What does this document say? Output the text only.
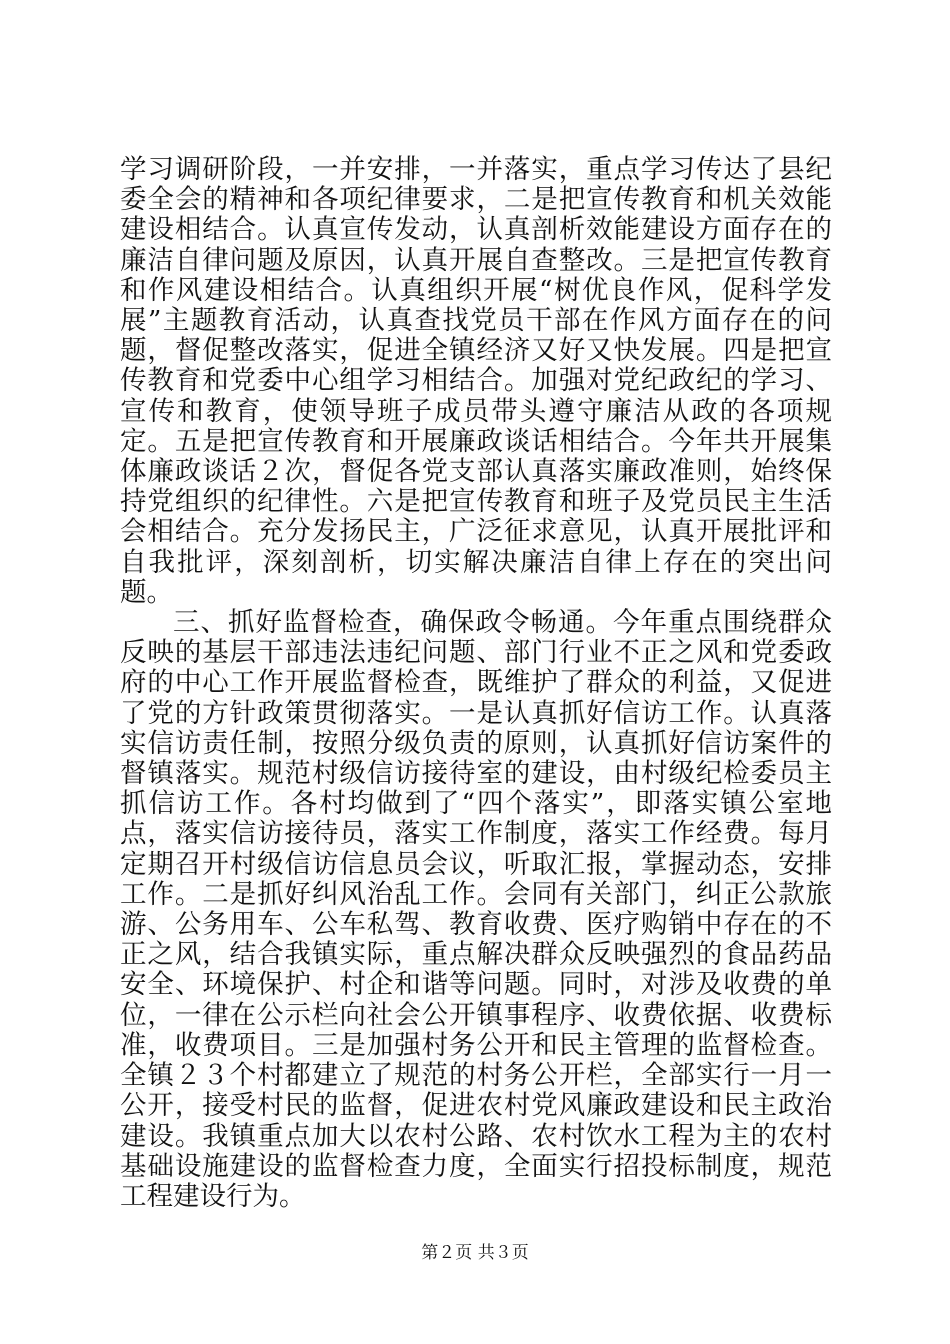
学习调研阶段，一并安排，一并落实，重点学习传达了县纪委全会的精神和各项纪律要求，二是把宣传教育和机关效能建设相结合。认真宣传发动，认真剖析效能建设方面存在的廉洁自律问题及原因，认真开展自查整改。三是把宣传教育和作风建设相结合。认真组织开展“树优良作风，促科学发展”主题教育活动，认真查找党员干部在作风方面存在的问题，督促整改落实，促进全镇经济又好又快发展。四是把宣传教育和党委中心组学习相结合。加强对党纪政纪的学习、宣传和教育，使领导班子成员带头遵守廉洁从政的各项规定。五是把宣传教育和开展廉政谈话相结合。今年共开展集体廉政谈话２次，督促各党支部认真落实廉政准则，始终保持党组织的纪律性。六是把宣传教育和班子及党员民主生活会相结合。充分发扬民主，广泛征求意见，认真开展批评和自我批评，深刻剖析，切实解决廉洁自律上存在的突出问题。

三、抓好监督检查，确保政令畅通。今年重点围绕群众反映的基层干部违法违纪问题、部门行业不正之风和党委政府的中心工作开展监督检查，既维护了群众的利益，又促进了党的方针政策贯彻落实。一是认真抓好信访工作。认真落实信访责任制，按照分级负责的原则，认真抓好信访案件的督镇落实。规范村级信访接待室的建设，由村级纪检委员主抓信访工作。各村均做到了“四个落实”，即落实镇公室地点，落实信访接待员，落实工作制度，落实工作经费。每月定期召开村级信访信息员会议，听取汇报，掌握动态，安排工作。二是抓好纠风治乱工作。会同有关部门，纠正公款旅游、公务用车、公车私驾、教育收费、医疗购销中存在的不正之风，结合我镇实际，重点解决群众反映强烈的食品药品安全、环境保护、村企和谐等问题。同时，对涉及收费的单位，一律在公示栏向社会公开镇事程序、收费依据、收费标准，收费项目。三是加强村务公开和民主管理的监督检查。全镇２３个村都建立了规范的村务公开栏，全部实行一月一公开，接受村民的监督，促进农村党风廉政建设和民主政治建设。我镇重点加大以农村公路、农村饮水工程为主的农村基础设施建设的监督检查力度，全面实行招投标制度，规范工程建设行为。

第２页 共３页
